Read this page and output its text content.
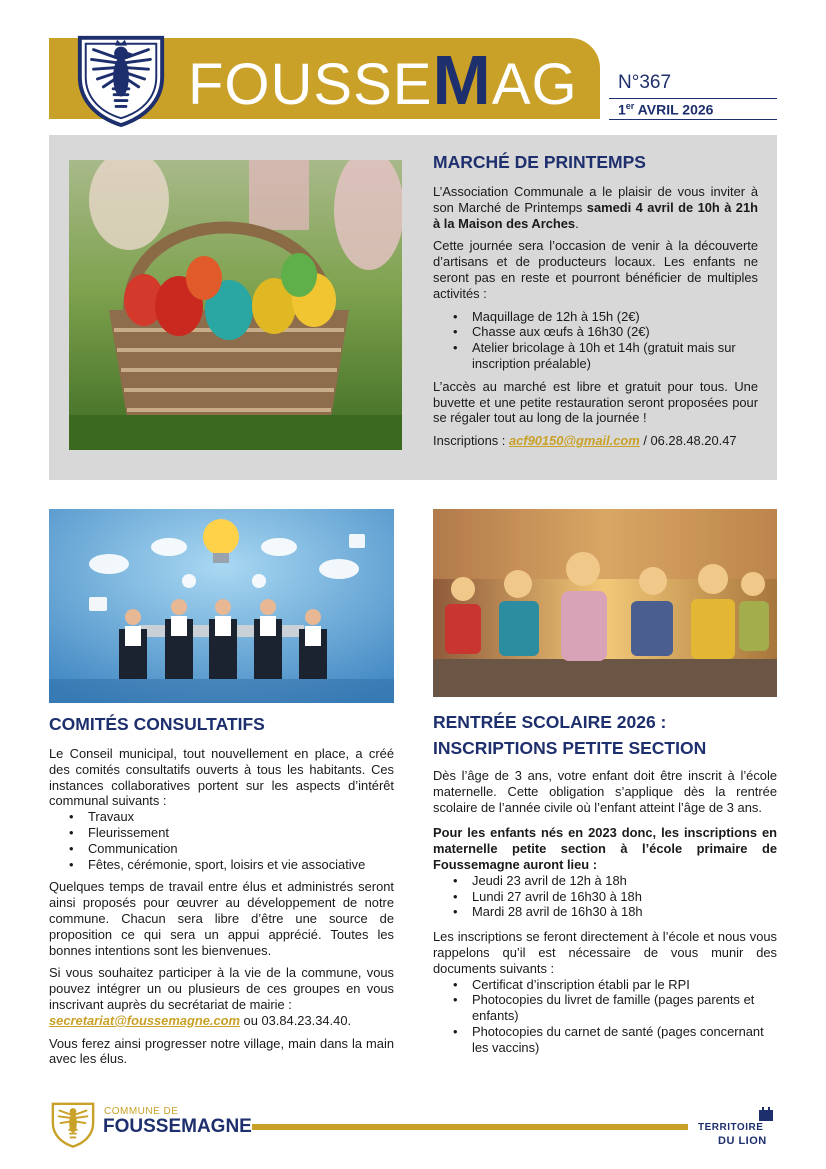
FOUSSEMAG N°367
1er AVRIL 2026
MARCHÉ DE PRINTEMPS

L’Association Communale a le plaisir de vous inviter à son Marché de Printemps samedi 4 avril de 10h à 21h à la Maison des Arches.

Cette journée sera l’occasion de venir à la découverte d’artisans et de producteurs locaux. Les enfants ne seront pas en reste et pourront bénéficier de multiples activités :

• Maquillage de 12h à 15h (2€)
• Chasse aux œufs à 16h30 (2€)
• Atelier bricolage à 10h et 14h (gratuit mais sur inscription préalable)

L’accès au marché est libre et gratuit pour tous. Une buvette et une petite restauration seront proposées pour se régaler tout au long de la journée !

Inscriptions : acf90150@gmail.com / 06.28.48.20.47

COMITÉS CONSULTATIFS

Le Conseil municipal, tout nouvellement en place, a créé des comités consultatifs ouverts à tous les habitants. Ces instances collaboratives portent sur les aspects d’intérêt communal suivants :

• Travaux
• Fleurissement
• Communication
• Fêtes, cérémonie, sport, loisirs et vie associative

Quelques temps de travail entre élus et administrés seront ainsi proposés pour œuvrer au développement de notre commune. Chacun sera libre d’être une source de proposition ce qui sera un appui apprécié. Toutes les bonnes intentions sont les bienvenues.

Si vous souhaitez participer à la vie de la commune, vous pouvez intégrer un ou plusieurs de ces groupes en vous inscrivant auprès du secrétariat de mairie :
secretariat@foussemagne.com ou 03.84.23.34.40.

Vous ferez ainsi progresser notre village, main dans la main avec les élus.

RENTRÉE SCOLAIRE 2026 :
INSCRIPTIONS PETITE SECTION

Dès l’âge de 3 ans, votre enfant doit être inscrit à l’école maternelle. Cette obligation s’applique dès la rentrée scolaire de l’année civile où l’enfant atteint l’âge de 3 ans.

Pour les enfants nés en 2023 donc, les inscriptions en maternelle petite section à l’école primaire de Foussemagne auront lieu :

• Jeudi 23 avril de 12h à 18h
• Lundi 27 avril de 16h30 à 18h
• Mardi 28 avril de 16h30 à 18h

Les inscriptions se feront directement à l’école et nous vous rappelons qu’il est nécessaire de vous munir des documents suivants :

• Certificat d’inscription établi par le RPI
• Photocopies du livret de famille (pages parents et enfants)
• Photocopies du carnet de santé (pages concernant les vaccins)
COMMUNE DE
FOUSSEMAGNE	TERRITOIRE
DU LION
